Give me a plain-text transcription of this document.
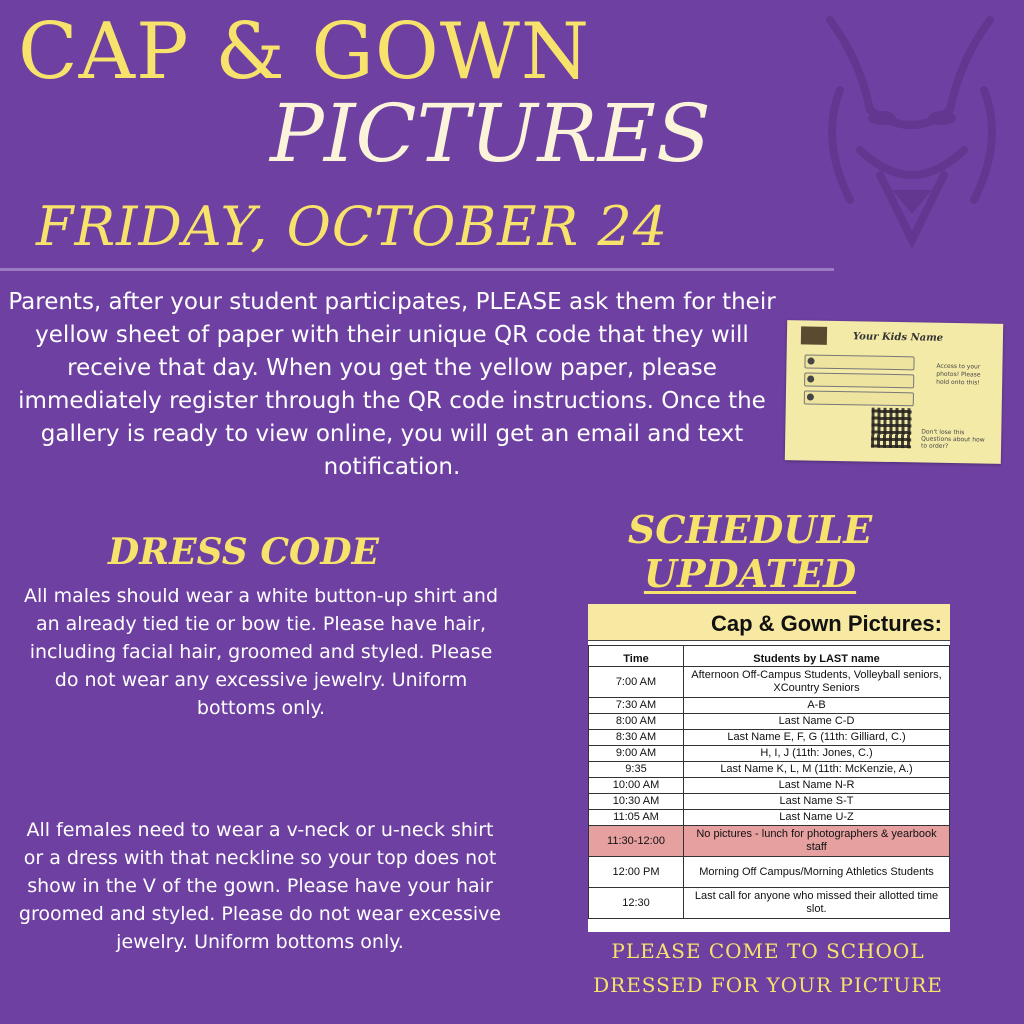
CAP & GOWN
PICTURES
FRIDAY, OCTOBER 24
Parents, after your student participates, PLEASE ask them for their yellow sheet of paper with their unique QR code that they will receive that day. When you get the yellow paper, please immediately register through the QR code instructions. Once the gallery is ready to view online, you will get an email and text notification.
Your Kids Name
Access to your photos! Please hold onto this!
Don't lose this Questions about how to order?
DRESS CODE
All males should wear a white button-up shirt and an already tied tie or bow tie. Please have hair, including facial hair, groomed and styled. Please do not wear any excessive jewelry. Uniform bottoms only.
All females need to wear a v-neck or u-neck shirt or a dress with that neckline so your top does not show in the V of the gown. Please have your hair groomed and styled. Please do not wear excessive jewelry. Uniform bottoms only.
SCHEDULE
UPDATED
Cap & Gown Pictures:
Time	Students by LAST name
7:00 AM	Afternoon Off-Campus Students, Volleyball seniors, XCountry Seniors
7:30 AM	A-B
8:00 AM	Last Name C-D
8:30 AM	Last Name E, F, G (11th: Gilliard, C.)
9:00 AM	H, I, J (11th: Jones, C.)
9:35	Last Name K, L, M (11th: McKenzie, A.)
10:00 AM	Last Name N-R
10:30 AM	Last Name S-T
11:05 AM	Last Name U-Z
11:30-12:00	No pictures - lunch for photographers & yearbook staff
12:00 PM	Morning Off Campus/Morning Athletics Students
12:30	Last call for anyone who missed their allotted time slot.
PLEASE COME TO SCHOOL
DRESSED FOR YOUR PICTURE
